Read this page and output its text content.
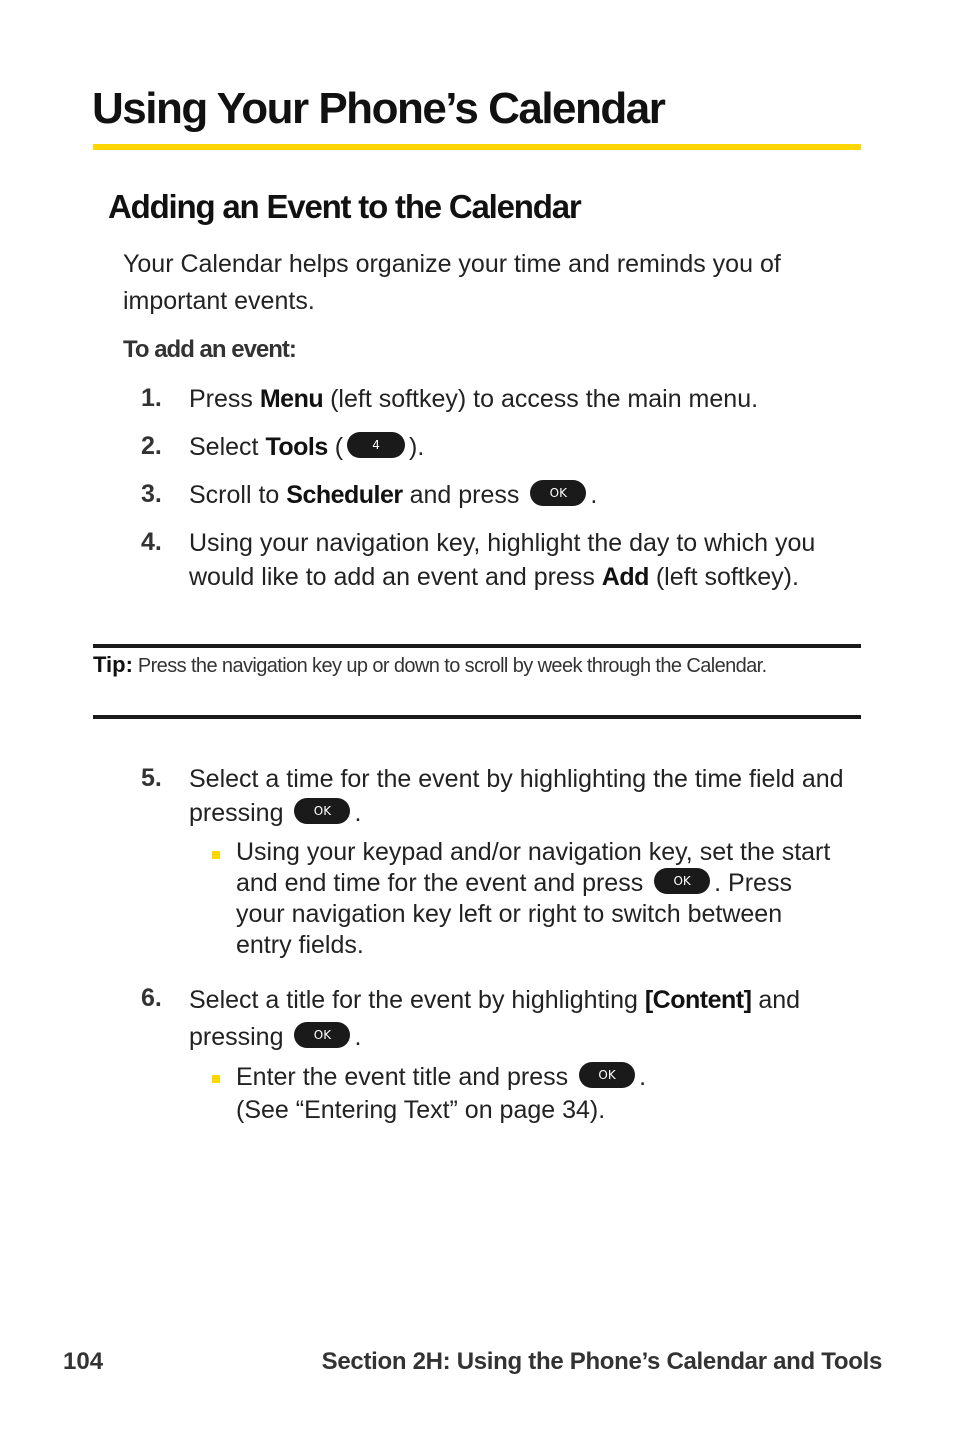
Using Your Phone’s Calendar
Adding an Event to the Calendar
Your Calendar helps organize your time and reminds you of important events.
To add an event:
1. Press Menu (left softkey) to access the main menu.
2. Select Tools ( 4 ).
3. Scroll to Scheduler and press OK .
4. Using your navigation key, highlight the day to which you would like to add an event and press Add (left softkey).
Tip: Press the navigation key up or down to scroll by week through the Calendar.
5. Select a time for the event by highlighting the time field and pressing OK .
Using your keypad and/or navigation key, set the start and end time for the event and press OK . Press your navigation key left or right to switch between entry fields.
6. Select a title for the event by highlighting [Content] and pressing OK .
Enter the event title and press OK .
(See “Entering Text” on page 34).
104	Section 2H: Using the Phone’s Calendar and Tools
